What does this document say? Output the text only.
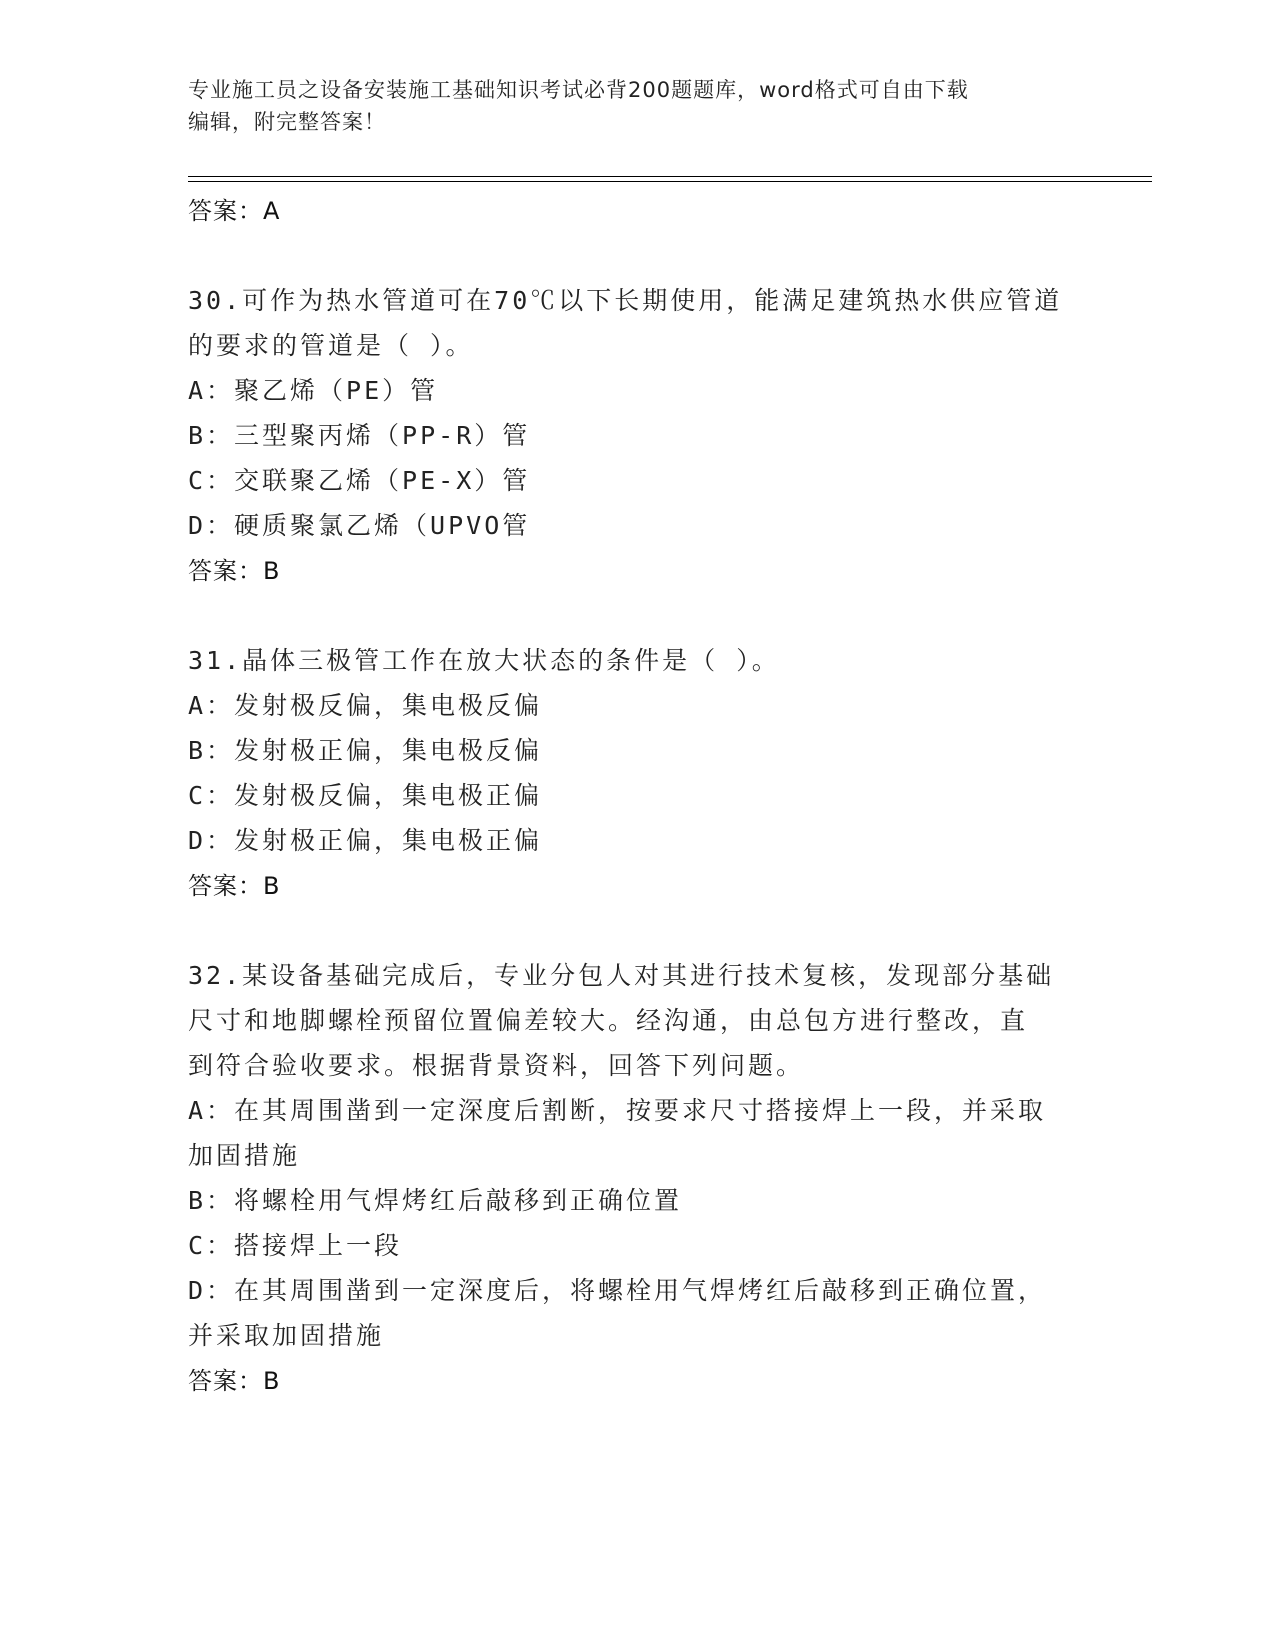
专业施工员之设备安装施工基础知识考试必背200题题库，word格式可自由下载
编辑，附完整答案！
答案：A
30.可作为热水管道可在70℃以下长期使用，能满足建筑热水供应管道
的要求的管道是（ ）。
A：聚乙烯（PE）管
B：三型聚丙烯（PP-R）管
C：交联聚乙烯（PE-X）管
D：硬质聚氯乙烯（UPVO管
答案：B
31.晶体三极管工作在放大状态的条件是（ ）。
A：发射极反偏，集电极反偏
B：发射极正偏，集电极反偏
C：发射极反偏，集电极正偏
D：发射极正偏，集电极正偏
答案：B
32.某设备基础完成后，专业分包人对其进行技术复核，发现部分基础
尺寸和地脚螺栓预留位置偏差较大。经沟通，由总包方进行整改，直
到符合验收要求。根据背景资料，回答下列问题。
A：在其周围凿到一定深度后割断，按要求尺寸搭接焊上一段，并采取
加固措施
B：将螺栓用气焊烤红后敲移到正确位置
C：搭接焊上一段
D：在其周围凿到一定深度后，将螺栓用气焊烤红后敲移到正确位置，
并采取加固措施
答案：B
